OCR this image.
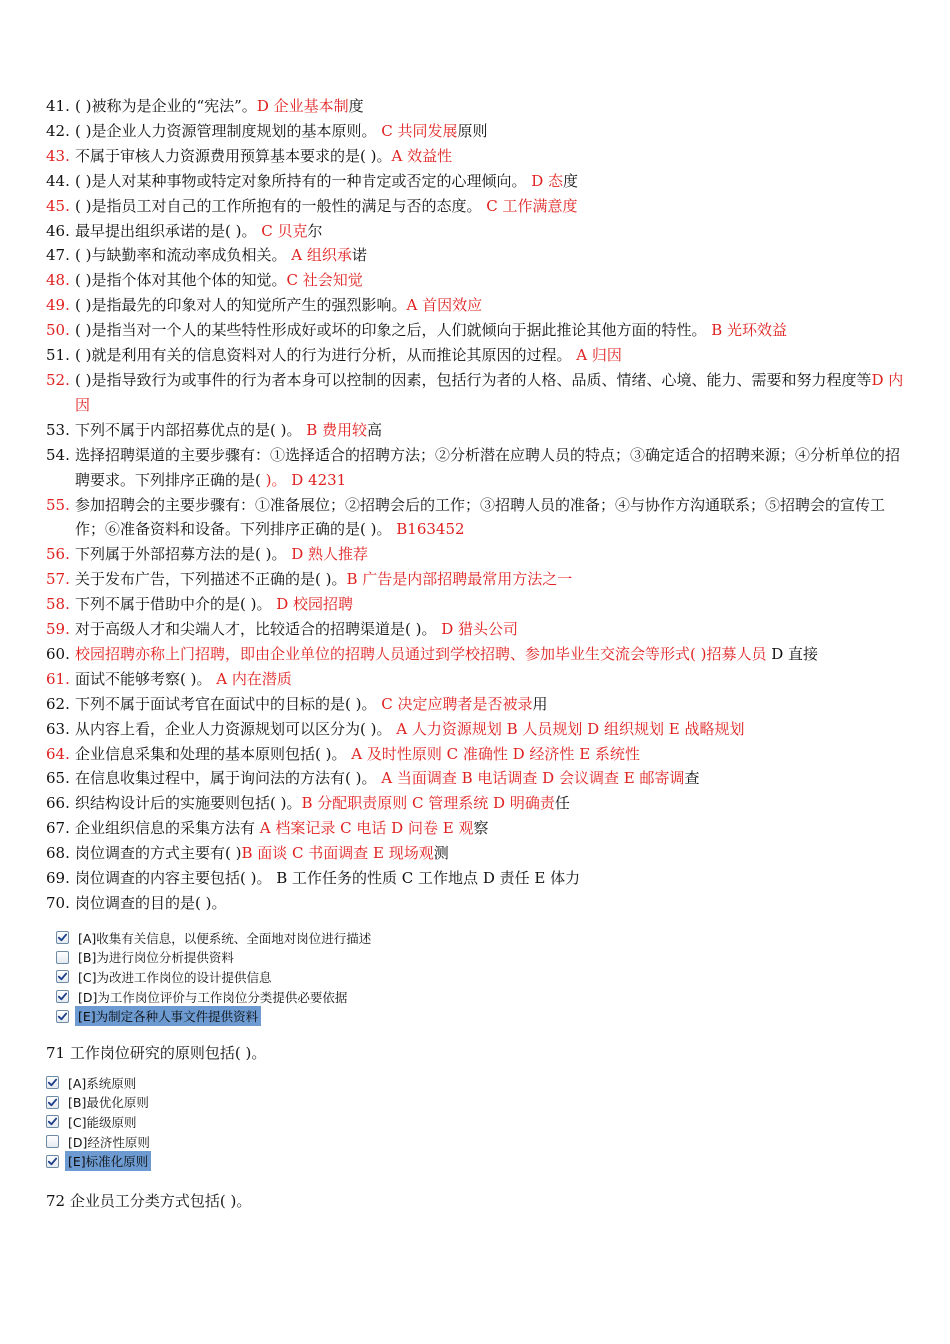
41. ( )被称为是企业的“宪法”。D 企业基本制度
42. ( )是企业人力资源管理制度规划的基本原则。 C 共同发展原则
43. 不属于审核人力资源费用预算基本要求的是( )。A 效益性
44. ( )是人对某种事物或特定对象所持有的一种肯定或否定的心理倾向。 D 态度
45. ( )是指员工对自己的工作所抱有的一般性的满足与否的态度。 C 工作满意度
46. 最早提出组织承诺的是( )。 C 贝克尔
47. ( )与缺勤率和流动率成负相关。 A 组织承诺
48. ( )是指个体对其他个体的知觉。C 社会知觉
49. ( )是指最先的印象对人的知觉所产生的强烈影响。A 首因效应
50. ( )是指当对一个人的某些特性形成好或坏的印象之后，人们就倾向于据此推论其他方面的特性。 B 光环效益
51. ( )就是利用有关的信息资料对人的行为进行分析，从而推论其原因的过程。 A 归因
52. ( )是指导致行为或事件的行为者本身可以控制的因素，包括行为者的人格、品质、情绪、心境、能力、需要和努力程度等D 内因
53. 下列不属于内部招募优点的是( )。 B 费用较高
54. 选择招聘渠道的主要步骤有：①选择适合的招聘方法；②分析潜在应聘人员的特点；③确定适合的招聘来源；④分析单位的招聘要求。下列排序正确的是( )。 D 4231
55. 参加招聘会的主要步骤有：①准备展位；②招聘会后的工作；③招聘人员的准备；④与协作方沟通联系；⑤招聘会的宣传工作；⑥准备资料和设备。下列排序正确的是( )。 B163452
56. 下列属于外部招募方法的是( )。 D 熟人推荐
57. 关于发布广告，下列描述不正确的是( )。B 广告是内部招聘最常用方法之一
58. 下列不属于借助中介的是( )。 D 校园招聘
59. 对于高级人才和尖端人才，比较适合的招聘渠道是( )。 D 猎头公司
60. 校园招聘亦称上门招聘，即由企业单位的招聘人员通过到学校招聘、参加毕业生交流会等形式( )招募人员 D 直接
61. 面试不能够考察( )。 A 内在潜质
62. 下列不属于面试考官在面试中的目标的是( )。 C 决定应聘者是否被录用
63. 从内容上看，企业人力资源规划可以区分为( )。 A 人力资源规划 B 人员规划 D 组织规划 E 战略规划
64. 企业信息采集和处理的基本原则包括( )。 A 及时性原则 C 准确性 D 经济性 E 系统性
65. 在信息收集过程中，属于询问法的方法有( )。 A 当面调查 B 电话调查 D 会议调查 E 邮寄调查
66. 织结构设计后的实施要则包括( )。B 分配职责原则 C 管理系统 D 明确责任
67. 企业组织信息的采集方法有 A 档案记录 C 电话 D 问卷 E 观察
68. 岗位调查的方式主要有( )B 面谈 C 书面调查 E 现场观测
69. 岗位调查的内容主要包括( )。 B 工作任务的性质 C 工作地点 D 责任 E 体力
70. 岗位调查的目的是( )。
[A]收集有关信息，以便系统、全面地对岗位进行描述
[B]为进行岗位分析提供资料
[C]为改进工作岗位的设计提供信息
[D]为工作岗位评价与工作岗位分类提供必要依据
[E]为制定各种人事文件提供资料
71 工作岗位研究的原则包括( )。
[A]系统原则
[B]最优化原则
[C]能级原则
[D]经济性原则
[E]标准化原则
72 企业员工分类方式包括( )。
